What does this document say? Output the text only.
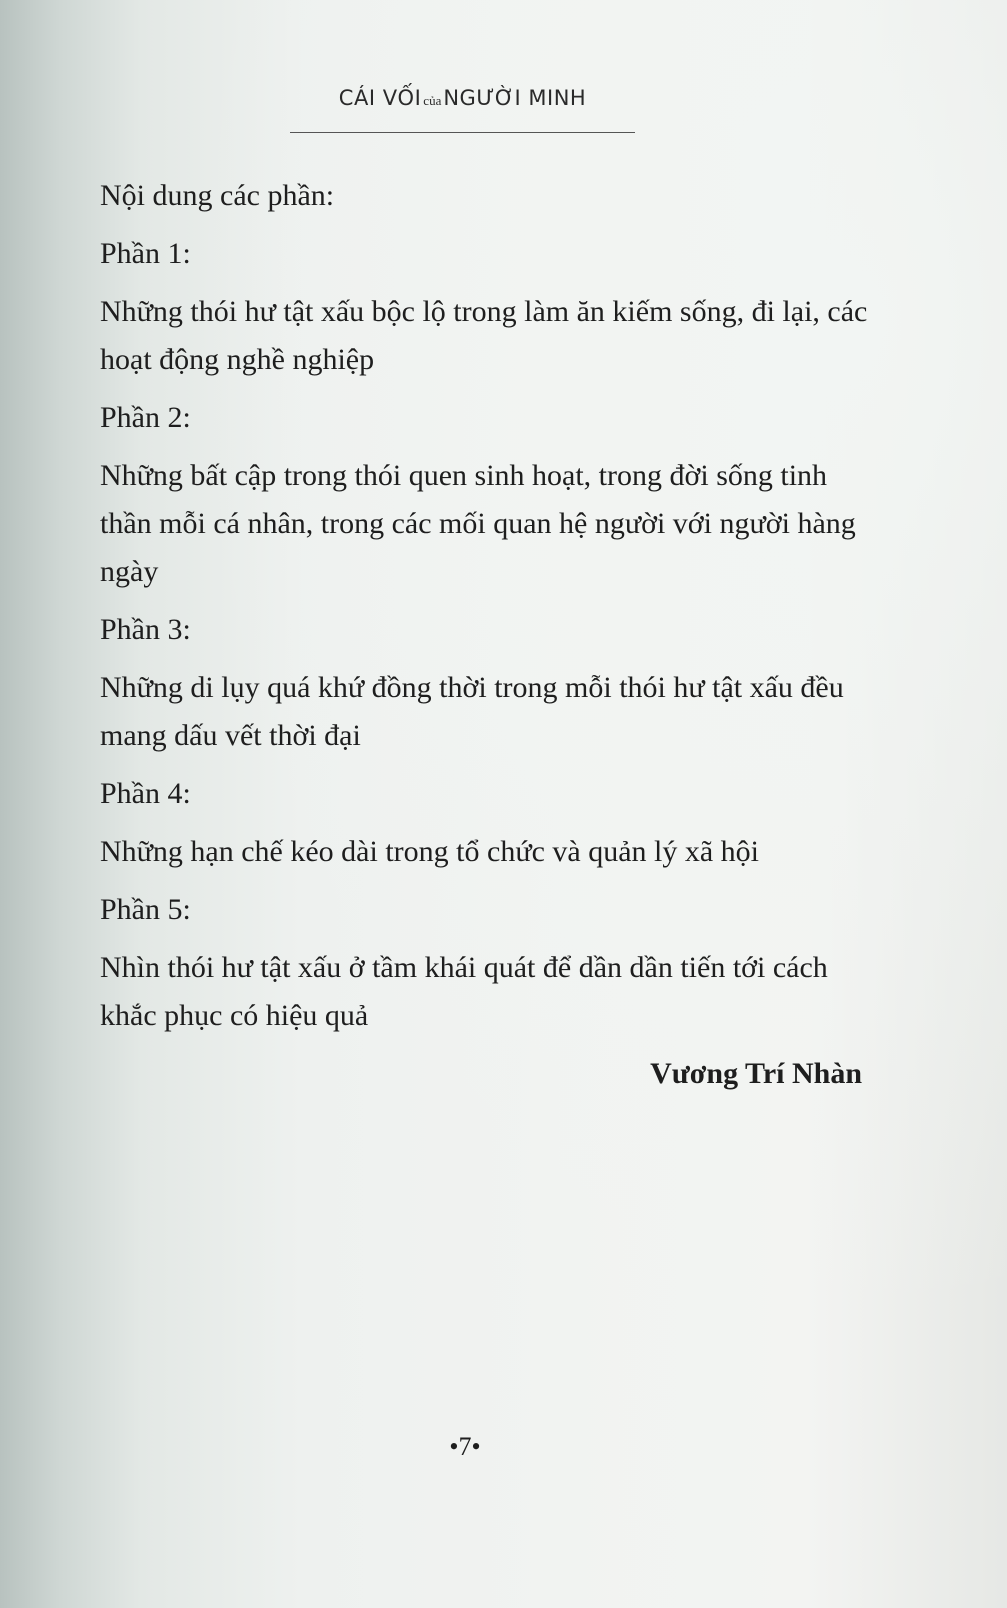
CÁI VỐI củaNGƯỜI MINH

Nội dung các phần:

Phần 1:

Những thói hư tật xấu bộc lộ trong làm ăn kiếm sống, đi lại, các hoạt động nghề nghiệp

Phần 2:

Những bất cập trong thói quen sinh hoạt, trong đời sống tinh thần mỗi cá nhân, trong các mối quan hệ người với người hàng ngày

Phần 3:

Những di lụy quá khứ đồng thời trong mỗi thói hư tật xấu đều mang dấu vết thời đại

Phần 4:

Những hạn chế kéo dài trong tổ chức và quản lý xã hội

Phần 5:

Nhìn thói hư tật xấu ở tầm khái quát để dần dần tiến tới cách khắc phục có hiệu quả

Vương Trí Nhàn
•7•
